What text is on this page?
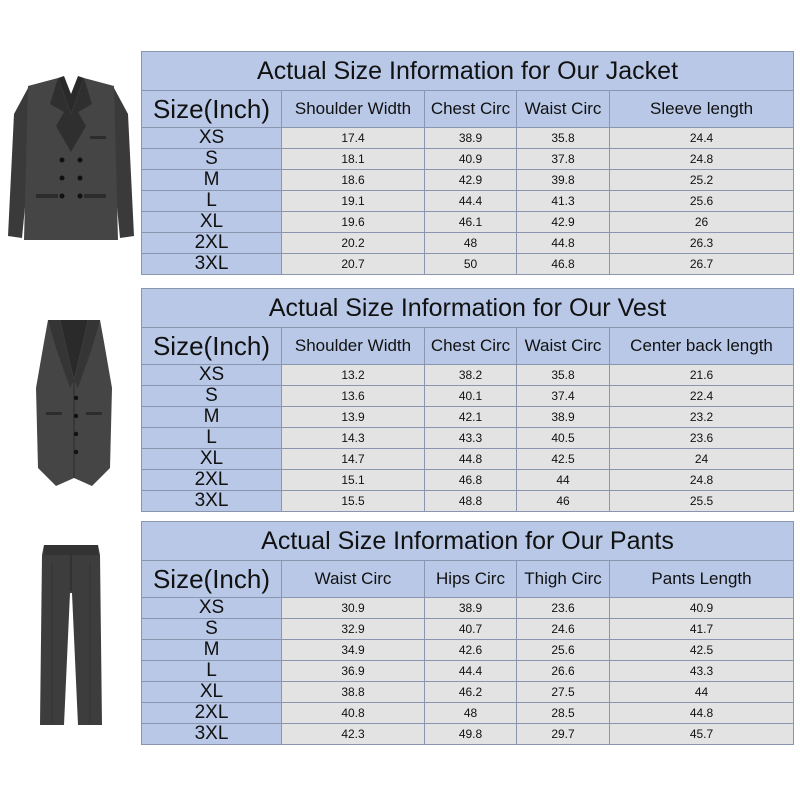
Actual Size Information for Our Jacket				
Size(Inch)	Shoulder Width	Chest Circ	Waist Circ	Sleeve length
XS	17.4	38.9	35.8	24.4
S	18.1	40.9	37.8	24.8
M	18.6	42.9	39.8	25.2
L	19.1	44.4	41.3	25.6
XL	19.6	46.1	42.9	26
2XL	20.2	48	44.8	26.3
3XL	20.7	50	46.8	26.7
Actual Size Information for Our Vest				
Size(Inch)	Shoulder Width	Chest Circ	Waist Circ	Center back length
XS	13.2	38.2	35.8	21.6
S	13.6	40.1	37.4	22.4
M	13.9	42.1	38.9	23.2
L	14.3	43.3	40.5	23.6
XL	14.7	44.8	42.5	24
2XL	15.1	46.8	44	24.8
3XL	15.5	48.8	46	25.5
Actual Size Information for Our Pants				
Size(Inch)	Waist Circ	Hips Circ	Thigh Circ	Pants Length
XS	30.9	38.9	23.6	40.9
S	32.9	40.7	24.6	41.7
M	34.9	42.6	25.6	42.5
L	36.9	44.4	26.6	43.3
XL	38.8	46.2	27.5	44
2XL	40.8	48	28.5	44.8
3XL	42.3	49.8	29.7	45.7
